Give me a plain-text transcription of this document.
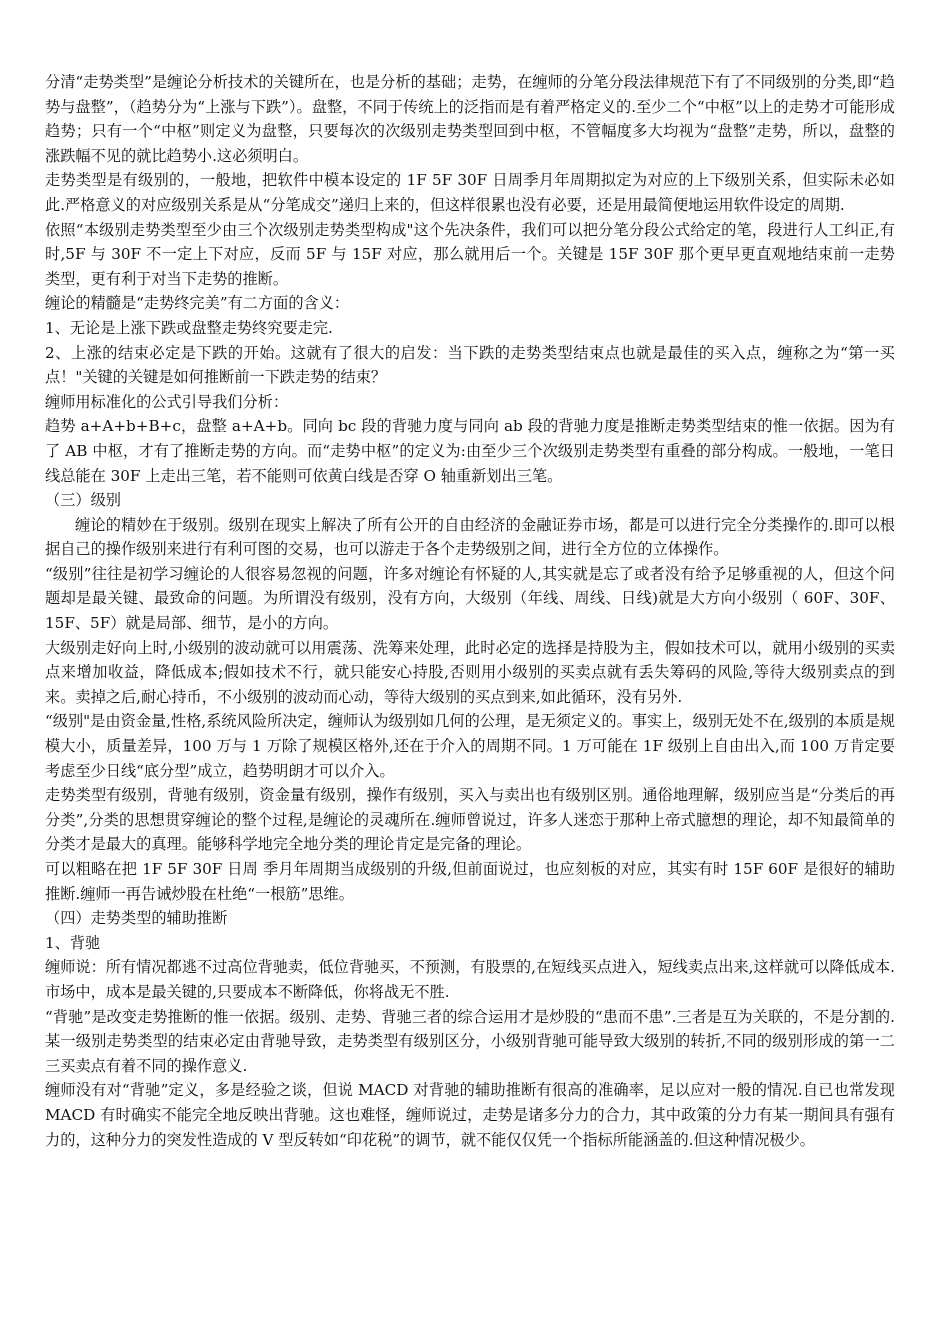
分清“走势类型”是缠论分析技术的关键所在，也是分析的基础；走势，在缠师的分笔分段法律规范下有了不同级别的分类,即“趋势与盘整”，（趋势分为“上涨与下跌”）。盘整，不同于传统上的泛指而是有着严格定义的.至少二个“中枢”以上的走势才可能形成趋势；只有一个“中枢”则定义为盘整，只要每次的次级别走势类型回到中枢，不管幅度多大均视为“盘整”走势，所以，盘整的涨跌幅不见的就比趋势小.这必须明白。

走势类型是有级别的，一般地，把软件中模本设定的 1F 5F 30F 日周季月年周期拟定为对应的上下级别关系，但实际未必如此.严格意义的对应级别关系是从“分笔成交”递归上来的，但这样很累也没有必要，还是用最简便地运用软件设定的周期.

依照“本级别走势类型至少由三个次级别走势类型构成"这个先决条件，我们可以把分笔分段公式给定的笔，段进行人工纠正,有时,5F 与 30F 不一定上下对应，反而 5F 与 15F 对应，那么就用后一个。关键是 15F 30F 那个更早更直观地结束前一走势类型，更有利于对当下走势的推断。

缠论的精髓是“走势终完美”有二方面的含义：

1、无论是上涨下跌或盘整走势终究要走完.

2、上涨的结束必定是下跌的开始。这就有了很大的启发：当下跌的走势类型结束点也就是最佳的买入点，缠称之为“第一买点！"关键的关键是如何推断前一下跌走势的结束？

缠师用标准化的公式引导我们分析：

趋势 a+A+b+B+c，盘整 a+A+b。同向 bc 段的背驰力度与同向 ab 段的背驰力度是推断走势类型结束的惟一依据。因为有了 AB 中枢，才有了推断走势的方向。而“走势中枢”的定义为:由至少三个次级别走势类型有重叠的部分构成。一般地，一笔日线总能在 30F 上走出三笔，若不能则可依黄白线是否穿 O 轴重新划出三笔。

（三）级别

缠论的精妙在于级别。级别在现实上解决了所有公开的自由经济的金融证券市场，都是可以进行完全分类操作的.即可以根据自己的操作级别来进行有利可图的交易，也可以游走于各个走势级别之间，进行全方位的立体操作。

“级别”往往是初学习缠论的人很容易忽视的问题，许多对缠论有怀疑的人,其实就是忘了或者没有给予足够重视的人，但这个问题却是最关键、最致命的问题。为所谓没有级别，没有方向，大级别（年线、周线、日线)就是大方向小级别（ 60F、30F、15F、5F）就是局部、细节，是小的方向。

大级别走好向上时,小级别的波动就可以用震荡、洗筹来处理，此时必定的选择是持股为主，假如技术可以，就用小级别的买卖点来增加收益，降低成本;假如技术不行，就只能安心持股,否则用小级别的买卖点就有丢失筹码的风险,等待大级别卖点的到来。卖掉之后,耐心持币，不小级别的波动而心动，等待大级别的买点到来,如此循环，没有另外.

“级别"是由资金量,性格,系统风险所决定，缠师认为级别如几何的公理，是无须定义的。事实上，级别无处不在,级别的本质是规模大小，质量差异，100 万与 1 万除了规模区格外,还在于介入的周期不同。1 万可能在 1F 级别上自由出入,而 100 万肯定要考虑至少日线“底分型”成立，趋势明朗才可以介入。

走势类型有级别，背驰有级别，资金量有级别，操作有级别，买入与卖出也有级别区别。通俗地理解，级别应当是“分类后的再分类”,分类的思想贯穿缠论的整个过程,是缠论的灵魂所在.缠师曾说过，许多人迷恋于那种上帝式臆想的理论，却不知最简单的分类才是最大的真理。能够科学地完全地分类的理论肯定是完备的理论。

可以粗略在把 1F 5F 30F 日周 季月年周期当成级别的升级,但前面说过，也应刻板的对应，其实有时 15F 60F 是很好的辅助推断.缠师一再告诫炒股在杜绝“一根筋”思维。

（四）走势类型的辅助推断

1、背驰

缠师说：所有情况都逃不过高位背驰卖，低位背驰买，不预测，有股票的,在短线买点进入，短线卖点出来,这样就可以降低成本.市场中，成本是最关键的,只要成本不断降低，你将战无不胜.

“背驰”是改变走势推断的惟一依据。级别、走势、背驰三者的综合运用才是炒股的“患而不患”.三者是互为关联的，不是分割的.某一级别走势类型的结束必定由背驰导致，走势类型有级别区分，小级别背驰可能导致大级别的转折,不同的级别形成的第一二三买卖点有着不同的操作意义.

缠师没有对“背驰”定义，多是经验之谈，但说 MACD 对背驰的辅助推断有很高的准确率，足以应对一般的情况.自已也常发现 MACD 有时确实不能完全地反映出背驰。这也难怪，缠师说过，走势是诸多分力的合力，其中政策的分力有某一期间具有强有力的，这种分力的突发性造成的 V 型反转如“印花税”的调节，就不能仅仅凭一个指标所能涵盖的.但这种情况极少。
